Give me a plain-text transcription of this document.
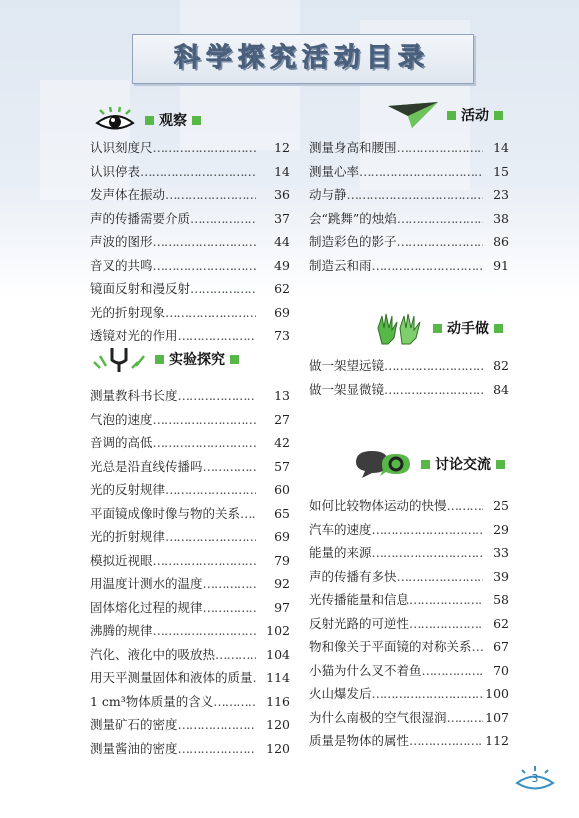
科学探究活动目录
观察
认识刻度尺 …………………………………………………………………………	12
认识停表 …………………………………………………………………………	14
发声体在振动 …………………………………………………………………………	36
声的传播需要介质 …………………………………………………………………………	37
声波的图形 …………………………………………………………………………	44
音叉的共鸣 …………………………………………………………………………	49
镜面反射和漫反射 …………………………………………………………………………	62
光的折射现象 …………………………………………………………………………	69
透镜对光的作用 …………………………………………………………………………	73
实验探究
测量教科书长度 …………………………………………………………………………	13
气泡的速度 …………………………………………………………………………	27
音调的高低 …………………………………………………………………………	42
光总是沿直线传播吗 …………………………………………………………………………	57
光的反射规律 …………………………………………………………………………	60
平面镜成像时像与物的关系 …………………………………………………………………………	65
光的折射规律 …………………………………………………………………………	69
模拟近视眼 …………………………………………………………………………	79
用温度计测水的温度 …………………………………………………………………………	92
固体熔化过程的规律 …………………………………………………………………………	97
沸腾的规律 …………………………………………………………………………	102
汽化、液化中的吸放热 …………………………………………………………………………	104
用天平测量固体和液体的质量 …………………………………………………………………………	114
1 cm³物体质量的含义 …………………………………………………………………………	116
测量矿石的密度 …………………………………………………………………………	120
测量酱油的密度 …………………………………………………………………………	120
活动
测量身高和腰围 …………………………………………………………………………	14
测量心率 …………………………………………………………………………	15
动与静 …………………………………………………………………………	23
会“跳舞”的烛焰 …………………………………………………………………………	38
制造彩色的影子 …………………………………………………………………………	86
制造云和雨 …………………………………………………………………………	91
动手做
做一架望远镜 …………………………………………………………………………	82
做一架显微镜 …………………………………………………………………………	84
讨论交流
如何比较物体运动的快慢 …………………………………………………………………………	25
汽车的速度 …………………………………………………………………………	29
能量的来源 …………………………………………………………………………	33
声的传播有多快 …………………………………………………………………………	39
光传播能量和信息 …………………………………………………………………………	58
反射光路的可逆性 …………………………………………………………………………	62
物和像关于平面镜的对称关系 …………………………………………………………………………	67
小猫为什么叉不着鱼 …………………………………………………………………………	70
火山爆发后 …………………………………………………………………………	100
为什么南极的空气很湿润 …………………………………………………………………………	107
质量是物体的属性 …………………………………………………………………………	112
3
